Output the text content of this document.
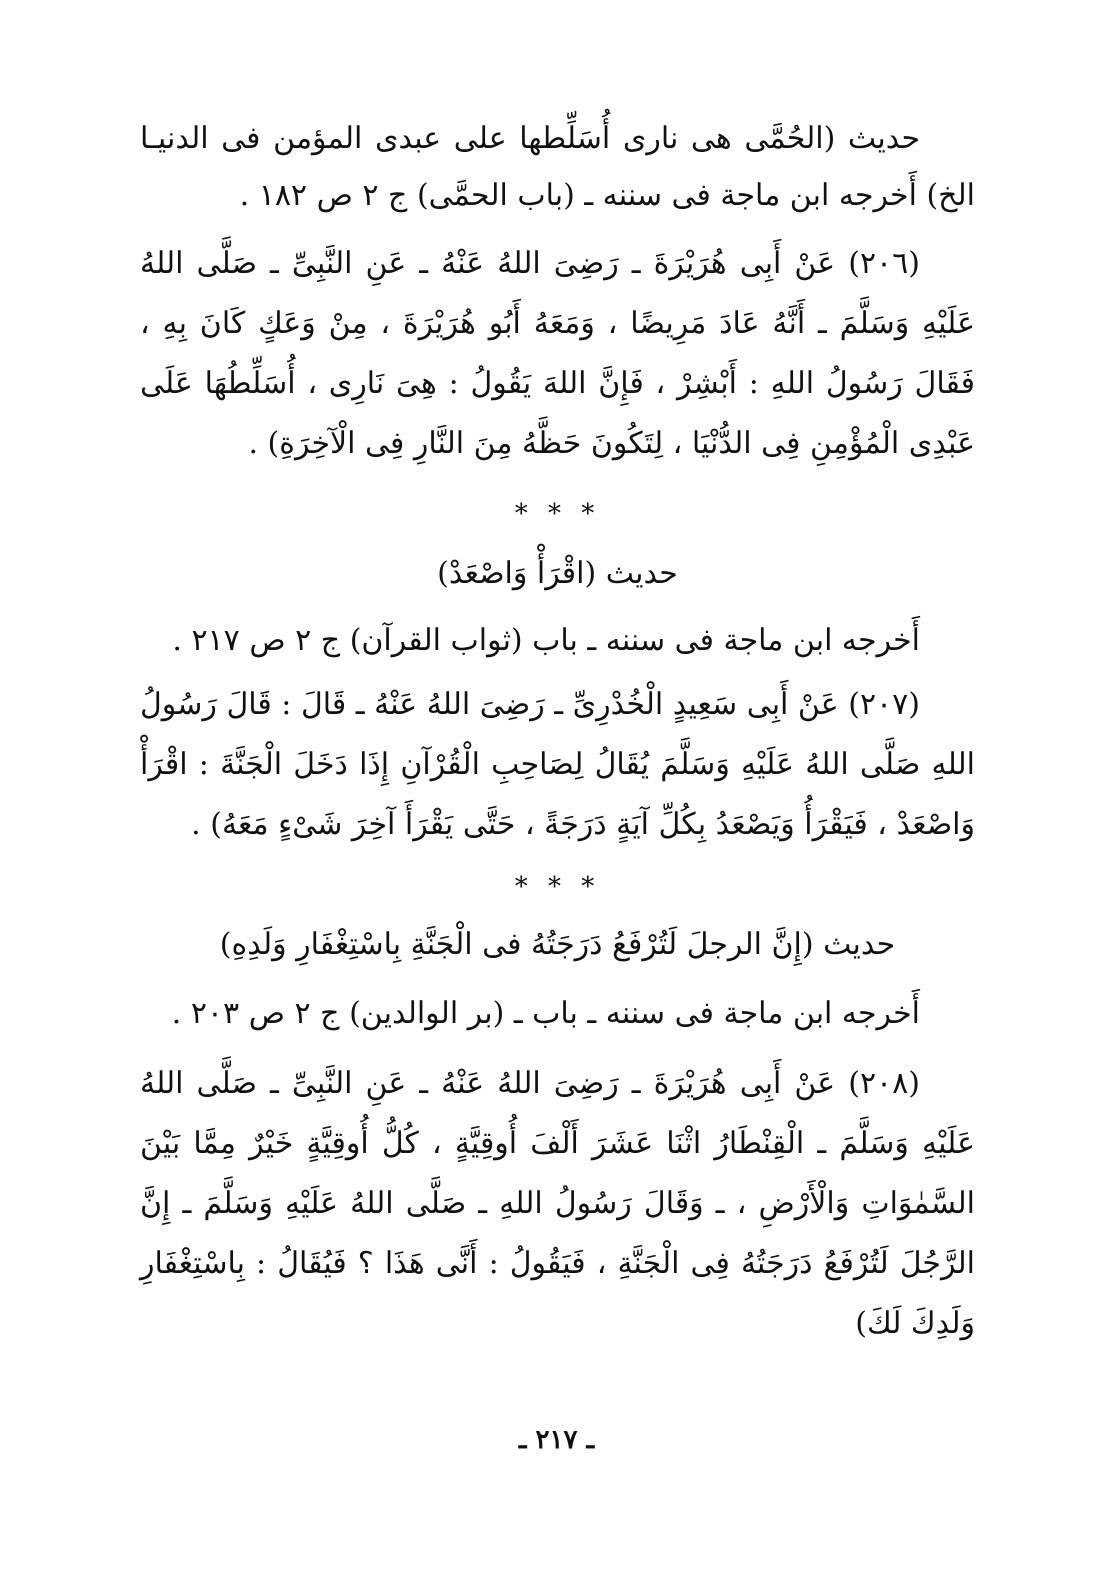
حديث (الحُمَّى هى نارى أُسَلِّطها على عبدى المؤمن فى الدنيـا الخ) أَخرجه ابن ماجة فى سننه ـ (باب الحمَّى) ج ٢ ص ١٨٢ .

(٢٠٦) عَنْ أَبِى هُرَيْرَةَ ـ رَضِىَ اللهُ عَنْهُ ـ عَنِ النَّبِىِّ ـ صَلَّى اللهُ عَلَيْهِ وَسَلَّمَ ـ أَنَّهُ عَادَ مَرِيضًا ، وَمَعَهُ أَبُو هُرَيْرَةَ ، مِنْ وَعَكٍ كَانَ بِهِ ، فَقَالَ رَسُولُ اللهِ : أَبْشِرْ ، فَإِنَّ اللهَ يَقُولُ : هِىَ نَارِى ، أُسَلِّطُهَا عَلَى عَبْدِى الْمُؤْمِنِ فِى الدُّنْيَا ، لِتَكُونَ حَظَّهُ مِنَ النَّارِ فِى الْآخِرَةِ) .

* * *

حديث (اقْرَأْ وَاصْعَدْ)

أَخرجه ابن ماجة فى سننه ـ باب (ثواب القرآن) ج ٢ ص ٢١٧ .

(٢٠٧) عَنْ أَبِى سَعِيدٍ الْخُدْرِىِّ ـ رَضِىَ اللهُ عَنْهُ ـ قَالَ : قَالَ رَسُولُ اللهِ صَلَّى اللهُ عَلَيْهِ وَسَلَّمَ يُقَالُ لِصَاحِبِ الْقُرْآنِ إِذَا دَخَلَ الْجَنَّةَ : اقْرَأْ وَاصْعَدْ ، فَيَقْرَأُ وَيَصْعَدُ بِكُلِّ آيَةٍ دَرَجَةً ، حَتَّى يَقْرَأَ آخِرَ شَىْءٍ مَعَهُ) .

* * *

حديث (إِنَّ الرجلَ لَتُرْفَعُ دَرَجَتُهُ فى الْجَنَّةِ بِاسْتِغْفَارِ وَلَدِهِ)

أَخرجه ابن ماجة فى سننه ـ باب ـ (بر الوالدين) ج ٢ ص ٢٠٣ .

(٢٠٨) عَنْ أَبِى هُرَيْرَةَ ـ رَضِىَ اللهُ عَنْهُ ـ عَنِ النَّبِىِّ ـ صَلَّى اللهُ عَلَيْهِ وَسَلَّمَ ـ الْقِنْطَارُ اثْنَا عَشَرَ أَلْفَ أُوقِيَّةٍ ، كُلُّ أُوقِيَّةٍ خَيْرٌ مِمَّا بَيْنَ السَّمٰوَاتِ وَالْأَرْضِ ، ـ وَقَالَ رَسُولُ اللهِ ـ صَلَّى اللهُ عَلَيْهِ وَسَلَّمَ ـ إِنَّ الرَّجُلَ لَتُرْفَعُ دَرَجَتُهُ فِى الْجَنَّةِ ، فَيَقُولُ : أَنَّى هَذَا ؟ فَيُقَالُ : بِاسْتِغْفَارِ وَلَدِكَ لَكَ)

ـ ٢١٧ ـ
